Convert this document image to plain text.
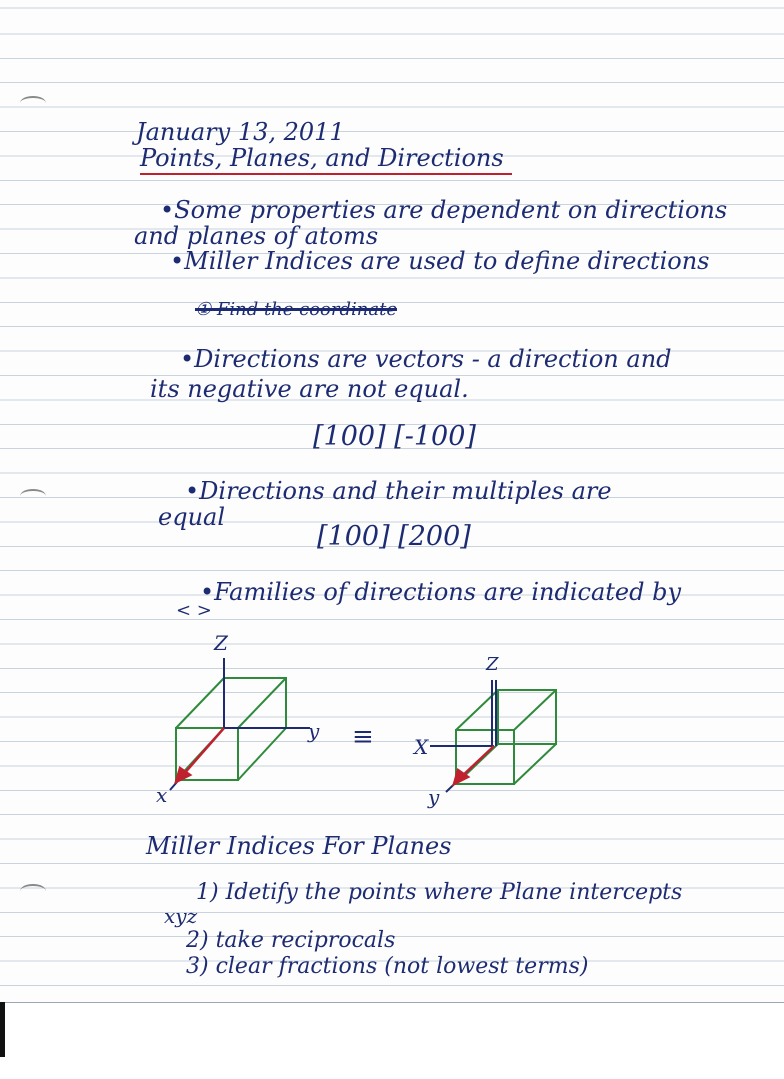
January 13, 2011
Points, Planes, and Directions
•Some properties are dependent on directions
and planes of atoms
•Miller Indices are used to define directions
① Find the coordinate
•Directions are vectors - a direction and
its negative are not equal.
[100] [-100]
•Directions and their multiples are
equal
[100] [200]
•Families of directions are indicated by
< >
Z
y
x
≡
Z
X
y
Miller Indices For Planes
1) Idetify the points where Plane intercepts
xyz
2) take reciprocals
3) clear fractions (not lowest terms)
